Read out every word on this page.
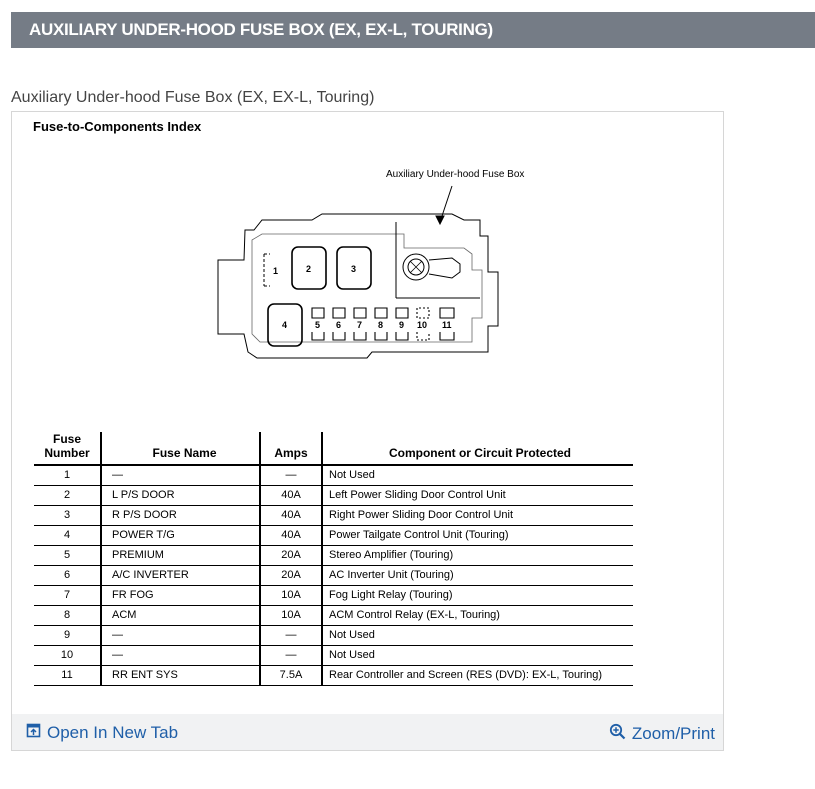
AUXILIARY UNDER-HOOD FUSE BOX (EX, EX-L, TOURING)
Auxiliary Under-hood Fuse Box (EX, EX-L, Touring)
Fuse-to-Components Index
1	2	3
4	5 6 7 8 9 10 11
Auxiliary Under-hood Fuse Box
Fuse
Number	Fuse Name	Amps	Component or Circuit Protected
1	—	—	Not Used
2	L P/S DOOR	40A	Left Power Sliding Door Control Unit
3	R P/S DOOR	40A	Right Power Sliding Door Control Unit
4	POWER T/G	40A	Power Tailgate Control Unit (Touring)
5	PREMIUM	20A	Stereo Amplifier (Touring)
6	A/C INVERTER	20A	AC Inverter Unit (Touring)
7	FR FOG	10A	Fog Light Relay (Touring)
8	ACM	10A	ACM Control Relay (EX-L, Touring)
9	—	—	Not Used
10	—	—	Not Used
11	RR ENT SYS	7.5A	Rear Controller and Screen (RES (DVD): EX-L, Touring)
Open In New Tab	Zoom/Print
